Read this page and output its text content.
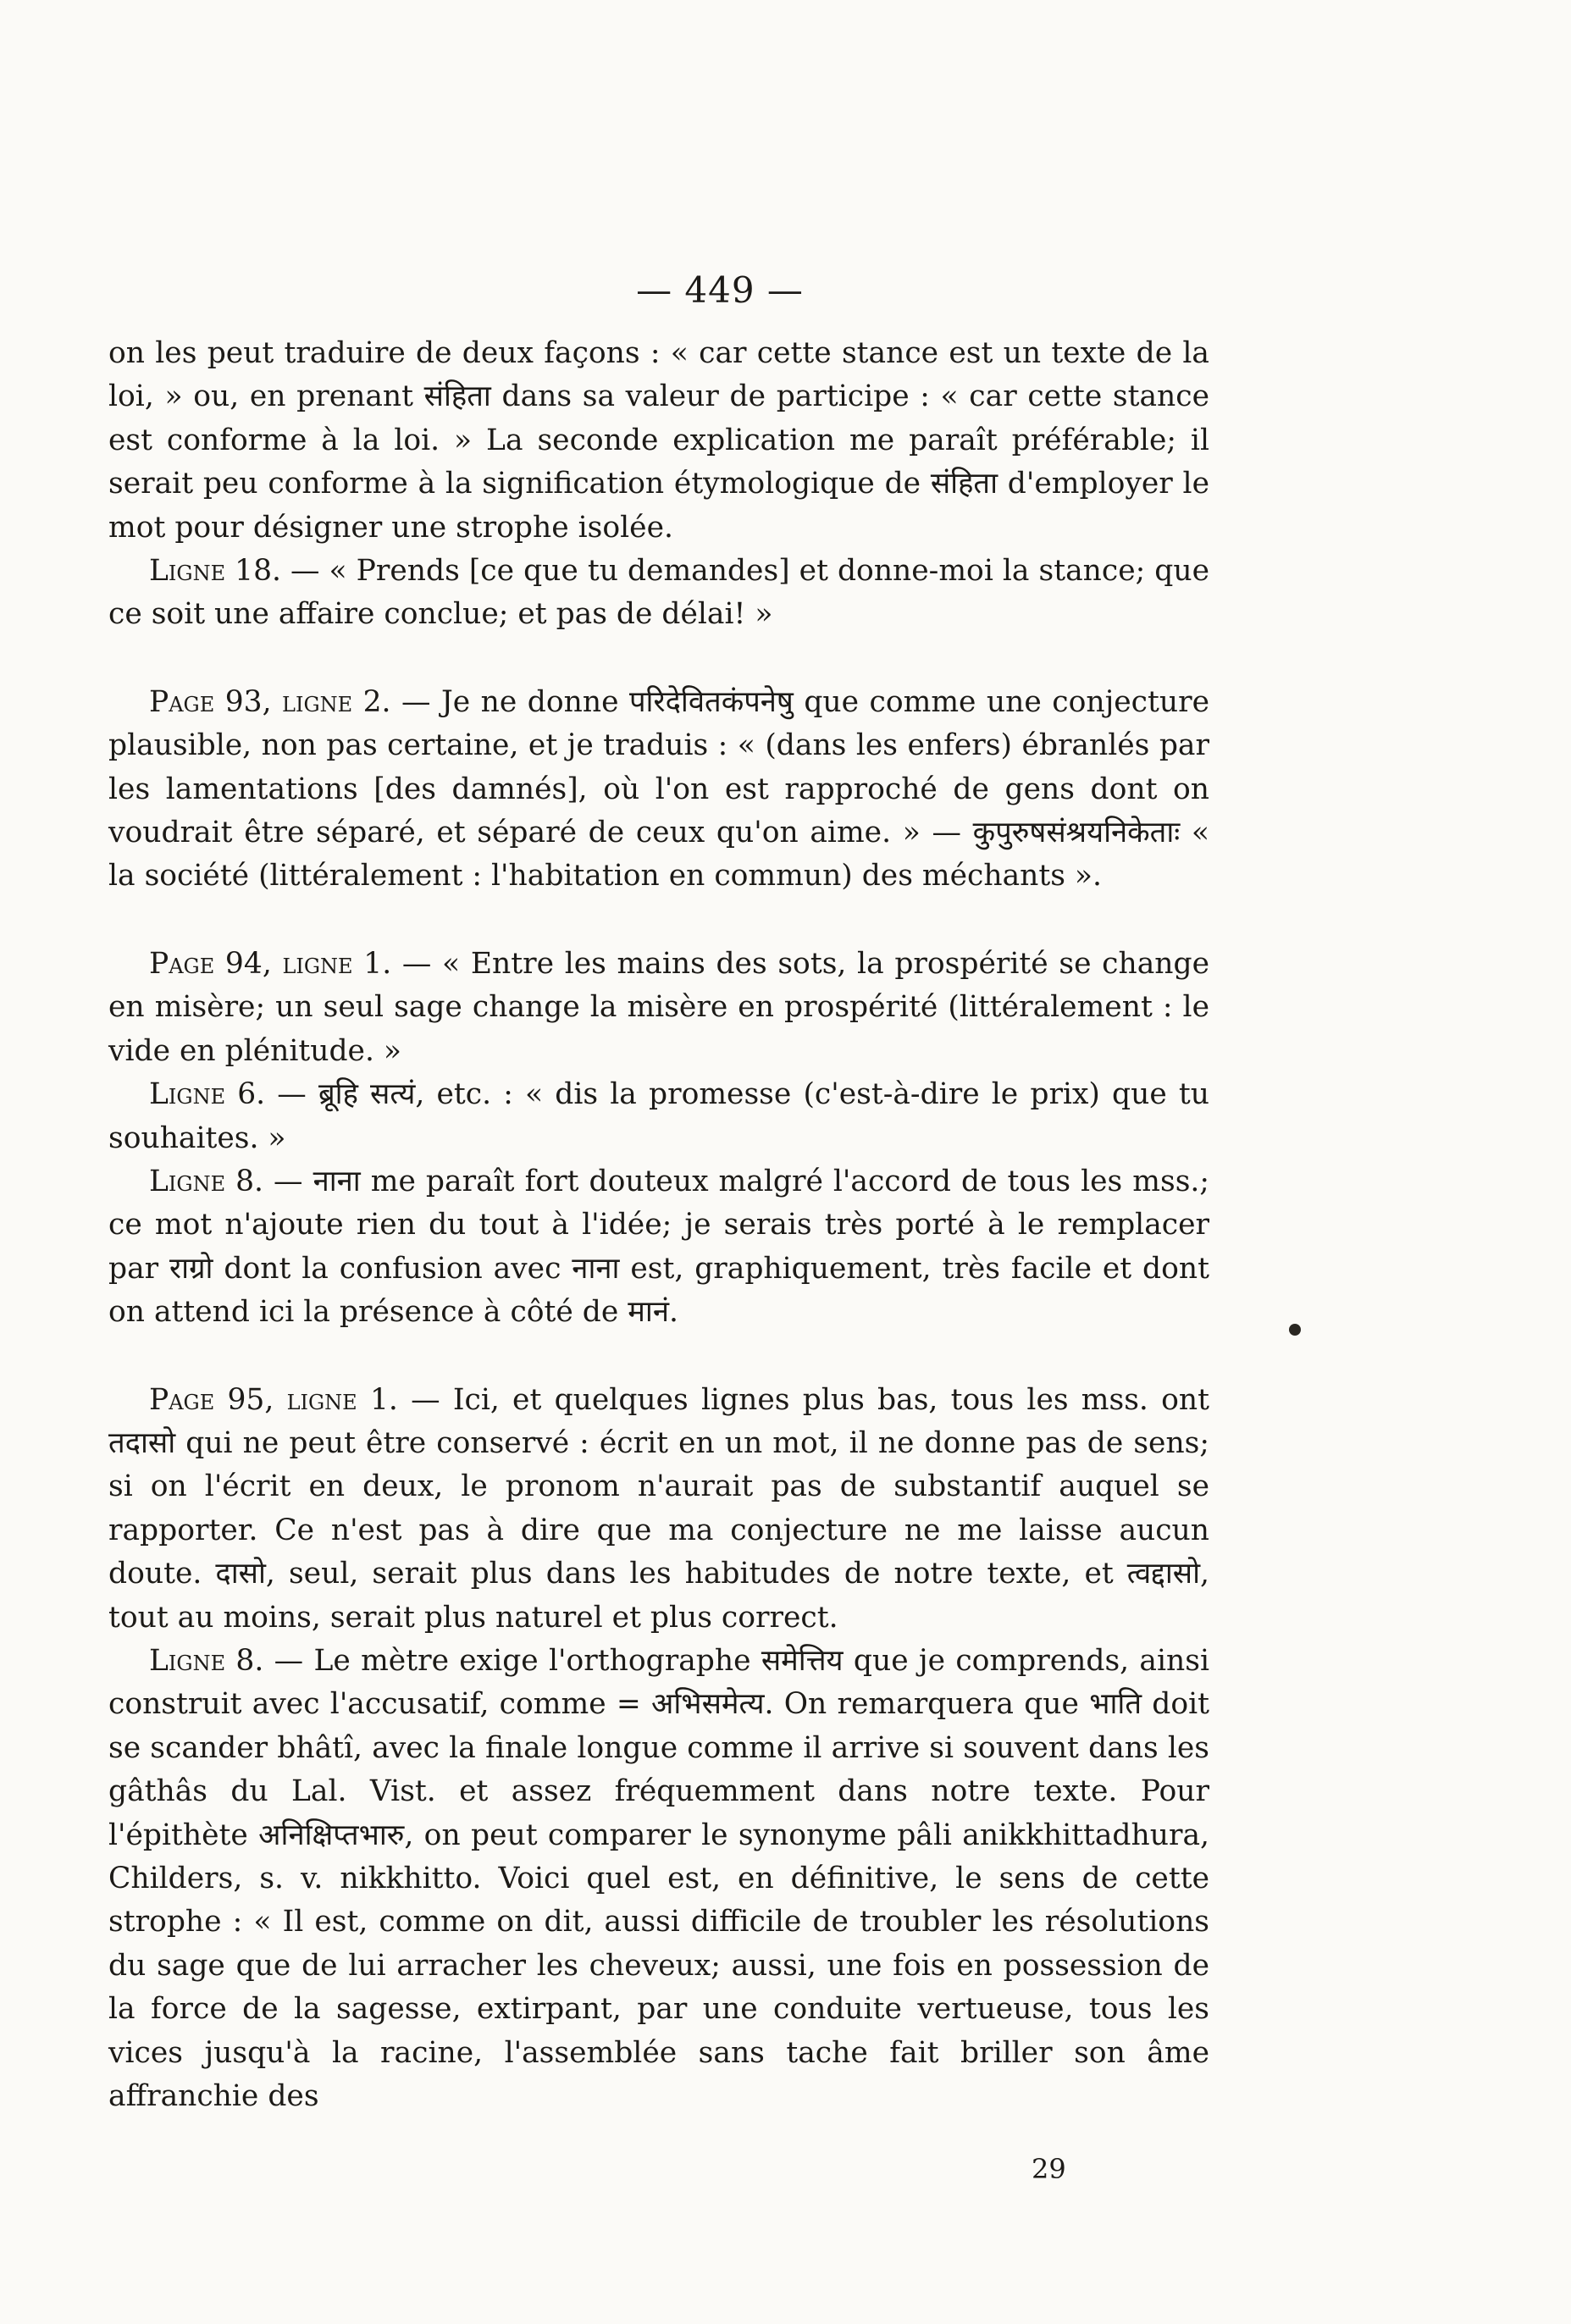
— 449 —

on les peut traduire de deux façons : « car cette stance est un texte de la loi, » ou, en prenant संहिता dans sa valeur de participe : « car cette stance est conforme à la loi. » La seconde explication me paraît préférable; il serait peu conforme à la signification étymologique de संहिता d'employer le mot pour désigner une strophe isolée.

Ligne 18. — « Prends [ce que tu demandes] et donne-moi la stance; que ce soit une affaire conclue; et pas de délai! »

Page 93, ligne 2. — Je ne donne परिदेवितकंपनेषु que comme une conjecture plausible, non pas certaine, et je traduis : « (dans les enfers) ébranlés par les lamentations [des damnés], où l'on est rapproché de gens dont on voudrait être séparé, et séparé de ceux qu'on aime. » — कुपुरुषसंश्रयनिकेताः « la société (littéralement : l'habitation en commun) des méchants ».

Page 94, ligne 1. — « Entre les mains des sots, la prospérité se change en misère; un seul sage change la misère en prospérité (littéralement : le vide en plénitude. »

Ligne 6. — ब्रूहि सत्यं, etc. : « dis la promesse (c'est-à-dire le prix) que tu souhaites. »

Ligne 8. — नाना me paraît fort douteux malgré l'accord de tous les mss.; ce mot n'ajoute rien du tout à l'idée; je serais très porté à le remplacer par राग्रो dont la confusion avec नाना est, graphiquement, très facile et dont on attend ici la présence à côté de मानं.

Page 95, ligne 1. — Ici, et quelques lignes plus bas, tous les mss. ont तदासो qui ne peut être conservé : écrit en un mot, il ne donne pas de sens; si on l'écrit en deux, le pronom n'aurait pas de substantif auquel se rapporter. Ce n'est pas à dire que ma conjecture ne me laisse aucun doute. दासो, seul, serait plus dans les habitudes de notre texte, et त्वद्दासो, tout au moins, serait plus naturel et plus correct.

Ligne 8. — Le mètre exige l'orthographe समेत्तिय que je comprends, ainsi construit avec l'accusatif, comme = अभिसमेत्य. On remarquera que भाति doit se scander bhâtî, avec la finale longue comme il arrive si souvent dans les gâthâs du Lal. Vist. et assez fréquemment dans notre texte. Pour l'épithète अनिक्षिप्तभारु, on peut comparer le synonyme pâli anikkhittadhura, Childers, s. v. nikkhitto. Voici quel est, en définitive, le sens de cette strophe : « Il est, comme on dit, aussi difficile de troubler les résolutions du sage que de lui arracher les cheveux; aussi, une fois en possession de la force de la sagesse, extirpant, par une conduite vertueuse, tous les vices jusqu'à la racine, l'assemblée sans tache fait briller son âme affranchie des

29
